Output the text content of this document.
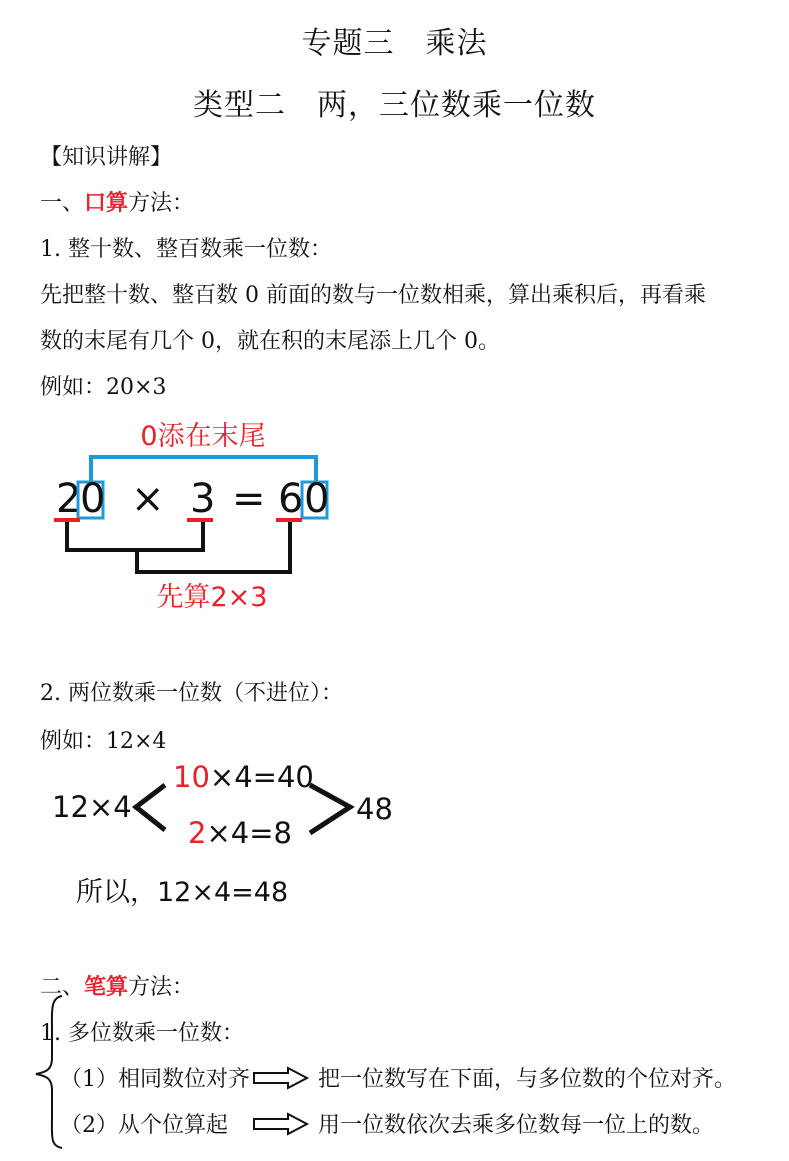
专题三　乘法
类型二　两，三位数乘一位数
【知识讲解】
一、口算方法：
1. 整十数、整百数乘一位数：
先把整十数、整百数 0 前面的数与一位数相乘，算出乘积后，再看乘
数的末尾有几个 0，就在积的末尾添上几个 0。
例如：20×3
0添在末尾
2
0 × 3 = 6 0
先算2×3
2. 两位数乘一位数（不进位）：
例如：12×4
12×4
10×4=40
2×4=8
48
所以，12×4=48
二、笔算方法：
1. 多位数乘一位数：
（1）相同数位对齐	把一位数写在下面，与多位数的个位对齐。
（2）从个位算起	用一位数依次去乘多位数每一位上的数。
